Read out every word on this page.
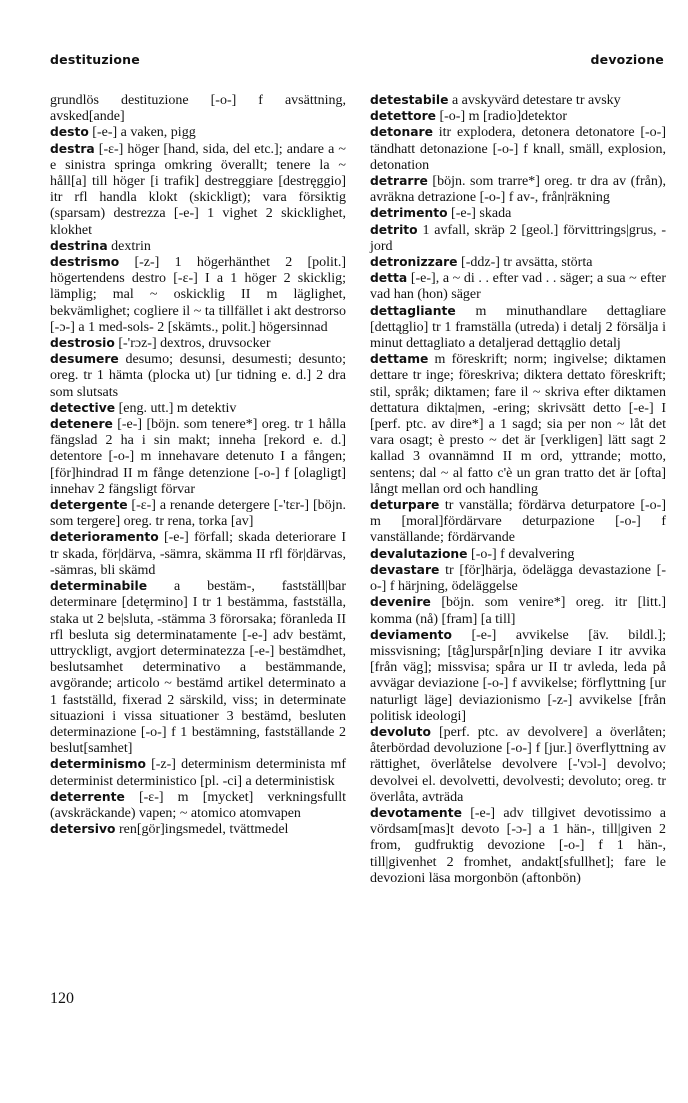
destituzione	devozione

grundlös destituzione [-o-] f avsättning, avsked[ande]

desto [-e-] a vaken, pigg

destra [-ɛ-] höger [hand, sida, del etc.]; andare a ~ e sinistra springa omkring överallt; tenere la ~ håll[a] till höger [i trafik] destreggiare [destręggio] itr rfl handla klokt (skickligt); vara försiktig (sparsam) destrezza [-e-] 1 vighet 2 skicklighet, klokhet

destrina dextrin

destrismo [-z-] 1 högerhänthet 2 [polit.] högertendens destro [-ɛ-] I a 1 höger 2 skicklig; lämplig; mal ~ oskicklig II m läglighet, bekvämlighet; cogliere il ~ ta tillfället i akt destrorso [-ɔ-] a 1 med-sols- 2 [skämts., polit.] högersinnad

destrosio [-'rɔz-] dextros, druvsocker

desumere desumo; desunsi, desumesti; desunto; oreg. tr 1 hämta (plocka ut) [ur tidning e. d.] 2 dra som slutsats

detective [eng. utt.] m detektiv

detenere [-e-] [böjn. som tenere*] oreg. tr 1 hålla fängslad 2 ha i sin makt; inneha [rekord e. d.] detentore [-o-] m innehavare detenuto I a fången; [för]hindrad II m fånge detenzione [-o-] f [olagligt] innehav 2 fängsligt förvar

detergente [-ɛ-] a renande detergere [-'tɛr-] [böjn. som tergere] oreg. tr rena, torka [av]

deterioramento [-e-] förfall; skada deteriorare I tr skada, för|därva, -sämra, skämma II rfl för|därvas, -sämras, bli skämd

determinabile a bestäm-, fastställ|bar determinare [detęrmino] I tr 1 bestämma, fastställa, staka ut 2 be|sluta, -stämma 3 förorsaka; föranleda II rfl besluta sig determinatamente [-e-] adv bestämt, uttryckligt, avgjort determinatezza [-e-] bestämdhet, beslutsamhet determinativo a bestämmande, avgörande; articolo ~ bestämd artikel determinato a 1 fastställd, fixerad 2 särskild, viss; in determinate situazioni i vissa situationer 3 bestämd, besluten determinazione [-o-] f 1 bestämning, fastställande 2 beslut[samhet]

determinismo [-z-] determinism determinista mf determinist deterministico [pl. -ci] a deterministisk

deterrente [-ɛ-] m [mycket] verkningsfullt (avskräckande) vapen; ~ atomico atomvapen

detersivo ren[gör]ingsmedel, tvättmedel

detestabile a avskyvärd detestare tr avsky

detettore [-o-] m [radio]detektor

detonare itr explodera, detonera detonatore [-o-] tändhatt detonazione [-o-] f knall, smäll, explosion, detonation

detrarre [böjn. som trarre*] oreg. tr dra av (från), avräkna detrazione [-o-] f av-, från|räkning

detrimento [-e-] skada

detrito 1 avfall, skräp 2 [geol.] förvittrings|grus, -jord

detronizzare [-ddz-] tr avsätta, störta

detta [-e-], a ~ di . . efter vad . . säger; a sua ~ efter vad han (hon) säger

dettagliante m minuthandlare dettagliare [dettąglio] tr 1 framställa (utreda) i detalj 2 försälja i minut dettagliato a detaljerad dettąglio detalj

dettame m föreskrift; norm; ingivelse; diktamen dettare tr inge; föreskriva; diktera dettato föreskrift; stil, språk; diktamen; fare il ~ skriva efter diktamen dettatura dikta|men, -ering; skrivsätt detto [-e-] I [perf. ptc. av dire*] a 1 sagd; sia per non ~ låt det vara osagt; è presto ~ det är [verkligen] lätt sagt 2 kallad 3 ovannämnd II m ord, yttrande; motto, sentens; dal ~ al fatto c'è un gran tratto det är [ofta] långt mellan ord och handling

deturpare tr vanställa; fördärva deturpatore [-o-] m [moral]fördärvare deturpazione [-o-] f vanställande; fördärvande

devalutazione [-o-] f devalvering

devastare tr [för]härja, ödelägga devastazione [-o-] f härjning, ödeläggelse

devenire [böjn. som venire*] oreg. itr [litt.] komma (nå) [fram] [a till]

deviamento [-e-] avvikelse [äv. bildl.]; missvisning; [tåg]urspår[n]ing deviare I itr avvika [från väg]; missvisa; spåra ur II tr avleda, leda på avvägar deviazione [-o-] f avvikelse; förflyttning [ur naturligt läge] deviazionismo [-z-] avvikelse [från politisk ideologi]

devoluto [perf. ptc. av devolvere] a överlåten; återbördad devoluzione [-o-] f [jur.] överflyttning av rättighet, överlåtelse devolvere [-'vɔl-] devolvo; devolvei el. devolvetti, devolvesti; devoluto; oreg. tr överlåta, avträda

devotamente [-e-] adv tillgivet devotissimo a vördsam[mas]t devoto [-ɔ-] a 1 hän-, till|given 2 from, gudfruktig devozione [-o-] f 1 hän-, till|givenhet 2 fromhet, andakt[sfullhet]; fare le devozioni läsa morgonbön (aftonbön)

120
